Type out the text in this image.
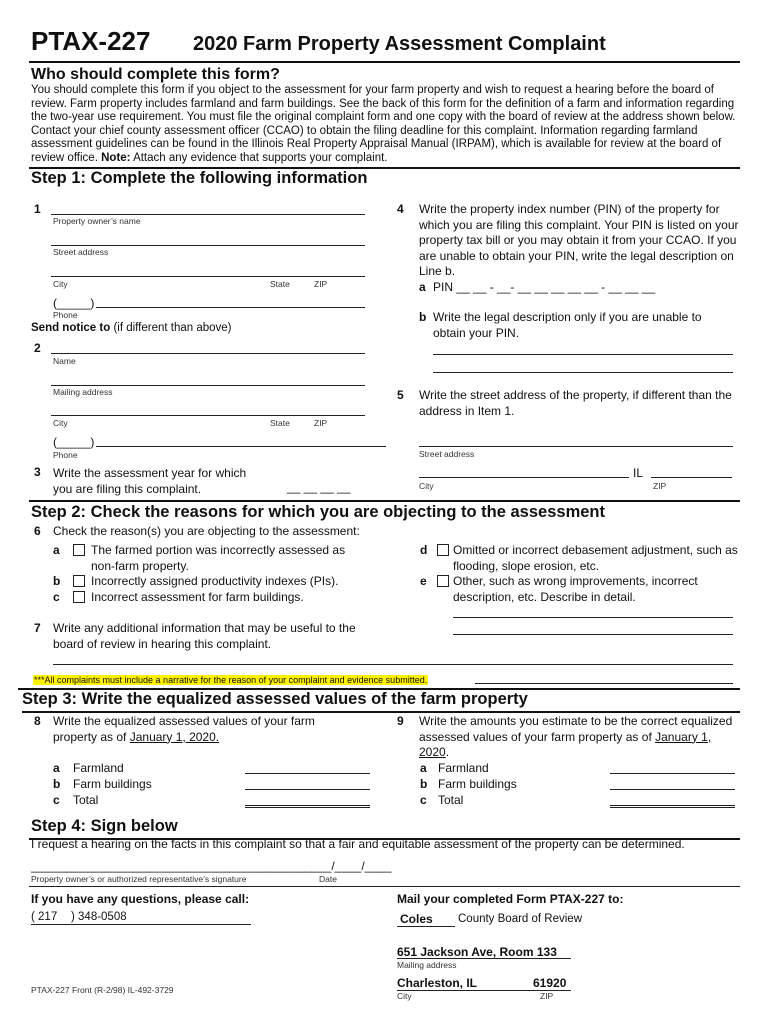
PTAX-227 2020 Farm Property Assessment Complaint
Who should complete this form?
You should complete this form if you object to the assessment for your farm property and wish to request a hearing before the board of review. Farm property includes farmland and farm buildings. See the back of this form for the definition of a farm and information regarding the two-year use requirement. You must file the original complaint form and one copy with the board of review at the address shown below. Contact your chief county assessment officer (CCAO) to obtain the filing deadline for this complaint. Information regarding farmland assessment guidelines can be found in the Illinois Real Property Appraisal Manual (IRPAM), which is available for review at the board of review office. Note: Attach any evidence that supports your complaint.
Step 1: Complete the following information
1
Property owner’s name
Street address
City	State	ZIP
(_____)
Phone
Send notice to (if different than above)
2
Name
Mailing address
City	State	ZIP
(_____)
Phone
3 Write the assessment year for which you are filing this complaint.	__ __ __ __
4 Write the property index number (PIN) of the property for which you are filing this complaint. Your PIN is listed on your property tax bill or you may obtain it from your CCAO. If you are unable to obtain your PIN, write the legal description on Line b.
a PIN __ __ - __- __ __ __ __ __ - __ __ __
b Write the legal description only if you are unable to obtain your PIN.
5 Write the street address of the property, if different than the address in Item 1.
Street address
IL
City	ZIP
Step 2: Check the reasons for which you are objecting to the assessment
6 Check the reason(s) you are objecting to the assessment:
a	The farmed portion was incorrectly assessed as non-farm property.
b	Incorrectly assigned productivity indexes (PIs).
c	Incorrect assessment for farm buildings.
d Omitted or incorrect debasement adjustment, such as flooding, slope erosion, etc.
e Other, such as wrong improvements, incorrect description, etc. Describe in detail.
7 Write any additional information that may be useful to the board of review in hearing this complaint.
***All complaints must include a narrative for the reason of your complaint and evidence submitted.
Step 3: Write the equalized assessed values of the farm property
8 Write the equalized assessed values of your farm
property as of January 1, 2020.
9 Write the amounts you estimate to be the correct equalized assessed values of your farm property as of January 1, 2020.
a Farmland
b Farm buildings
c Total
a Farmland
b Farm buildings
c Total
Step 4: Sign below
I request a hearing on the facts in this complaint so that a fair and equitable assessment of the property can be determined.
_____________________________________________/____/____
Property owner’s or authorized representative’s signature	Date
If you have any questions, please call:
( 217 ) 348-0508
Mail your completed Form PTAX-227 to:
Coles County Board of Review
651 Jackson Ave, Room 133
Mailing address
Charleston, IL	61920
City	ZIP
PTAX-227 Front (R-2/98) IL-492-3729
